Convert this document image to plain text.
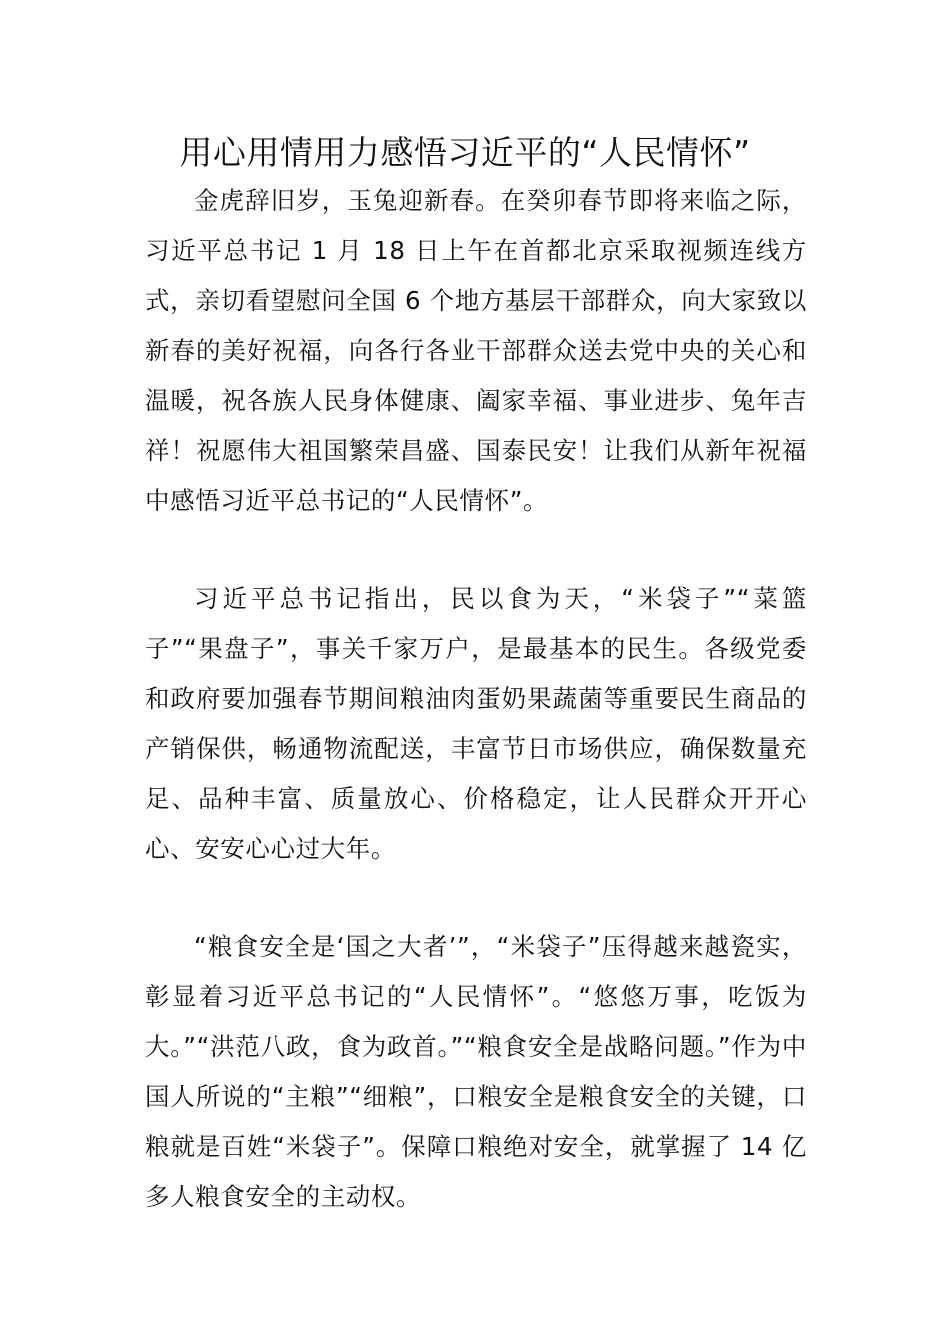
用心用情用力感悟习近平的“人民情怀”

金虎辞旧岁，玉兔迎新春。在癸卯春节即将来临之际，习近平总书记 1 月 18 日上午在首都北京采取视频连线方式，亲切看望慰问全国 6 个地方基层干部群众，向大家致以新春的美好祝福，向各行各业干部群众送去党中央的关心和温暖，祝各族人民身体健康、阖家幸福、事业进步、兔年吉祥！祝愿伟大祖国繁荣昌盛、国泰民安！让我们从新年祝福中感悟习近平总书记的“人民情怀”。

习近平总书记指出，民以食为天，“米袋子”“菜篮子”“果盘子”，事关千家万户，是最基本的民生。各级党委和政府要加强春节期间粮油肉蛋奶果蔬菌等重要民生商品的产销保供，畅通物流配送，丰富节日市场供应，确保数量充足、品种丰富、质量放心、价格稳定，让人民群众开开心心、安安心心过大年。

“粮食安全是‘国之大者’”，“米袋子”压得越来越瓷实，彰显着习近平总书记的“人民情怀”。“悠悠万事，吃饭为大。”“洪范八政，食为政首。”“粮食安全是战略问题。”作为中国人所说的“主粮”“细粮”，口粮安全是粮食安全的关键，口粮就是百姓“米袋子”。保障口粮绝对安全，就掌握了 14 亿多人粮食安全的主动权。
